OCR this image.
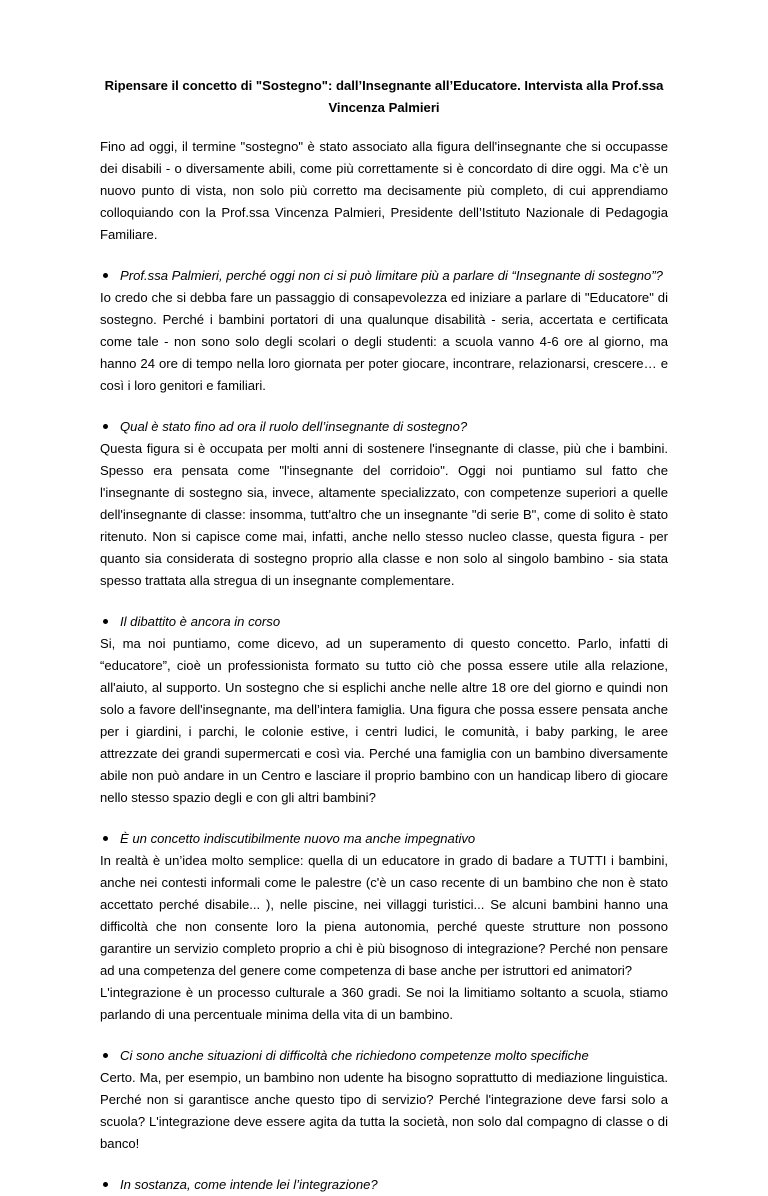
Ripensare il concetto di "Sostegno": dall’Insegnante all’Educatore. Intervista alla Prof.ssa Vincenza Palmieri

Fino ad oggi, il termine "sostegno" è stato associato alla figura dell'insegnante che si occupasse dei disabili - o diversamente abili, come più correttamente si è concordato di dire oggi. Ma c’è un nuovo punto di vista, non solo più corretto ma decisamente più completo, di cui apprendiamo colloquiando con la Prof.ssa Vincenza Palmieri, Presidente dell’Istituto Nazionale di Pedagogia Familiare.

Prof.ssa Palmieri, perché oggi non ci si può limitare più a parlare di “Insegnante di sostegno”?

Io credo che si debba fare un passaggio di consapevolezza ed iniziare a parlare di "Educatore" di sostegno. Perché i bambini portatori di una qualunque disabilità - seria, accertata e certificata come tale - non sono solo degli scolari o degli studenti: a scuola vanno 4-6 ore al giorno, ma hanno 24 ore di tempo nella loro giornata per poter giocare, incontrare, relazionarsi, crescere… e così i loro genitori e familiari.

Qual è stato fino ad ora il ruolo dell’insegnante di sostegno?

Questa figura si è occupata per molti anni di sostenere l'insegnante di classe, più che i bambini. Spesso era pensata come "l'insegnante del corridoio". Oggi noi puntiamo sul fatto che l'insegnante di sostegno sia, invece, altamente specializzato, con competenze superiori a quelle dell'insegnante di classe: insomma, tutt'altro che un insegnante "di serie B", come di solito è stato ritenuto. Non si capisce come mai, infatti, anche nello stesso nucleo classe, questa figura - per quanto sia considerata di sostegno proprio alla classe e non solo al singolo bambino - sia stata spesso trattata alla stregua di un insegnante complementare.

Il dibattito è ancora in corso

Si, ma noi puntiamo, come dicevo, ad un superamento di questo concetto. Parlo, infatti di “educatore”, cioè un professionista formato su tutto ciò che possa essere utile alla relazione, all'aiuto, al supporto. Un sostegno che si esplichi anche nelle altre 18 ore del giorno e quindi non solo a favore dell'insegnante, ma dell’intera famiglia. Una figura che possa essere pensata anche per i giardini, i parchi, le colonie estive, i centri ludici, le comunità, i baby parking, le aree attrezzate dei grandi supermercati e così via. Perché una famiglia con un bambino diversamente abile non può andare in un Centro e lasciare il proprio bambino con un handicap libero di giocare nello stesso spazio degli e con gli altri bambini?

È un concetto indiscutibilmente nuovo ma anche impegnativo

In realtà è un’idea molto semplice: quella di un educatore in grado di badare a TUTTI i bambini, anche nei contesti informali come le palestre (c'è un caso recente di un bambino che non è stato accettato perché disabile... ), nelle piscine, nei villaggi turistici... Se alcuni bambini hanno una difficoltà che non consente loro la piena autonomia, perché queste strutture non possono garantire un servizio completo proprio a chi è più bisognoso di integrazione? Perché non pensare ad una competenza del genere come competenza di base anche per istruttori ed animatori?

L'integrazione è un processo culturale a 360 gradi. Se noi la limitiamo soltanto a scuola, stiamo parlando di una percentuale minima della vita di un bambino.

Ci sono anche situazioni di difficoltà che richiedono competenze molto specifiche

Certo. Ma, per esempio, un bambino non udente ha bisogno soprattutto di mediazione linguistica. Perché non si garantisce anche questo tipo di servizio? Perché l'integrazione deve farsi solo a scuola? L'integrazione deve essere agita da tutta la società, non solo dal compagno di classe o di banco!

In sostanza, come intende lei l’integrazione?
